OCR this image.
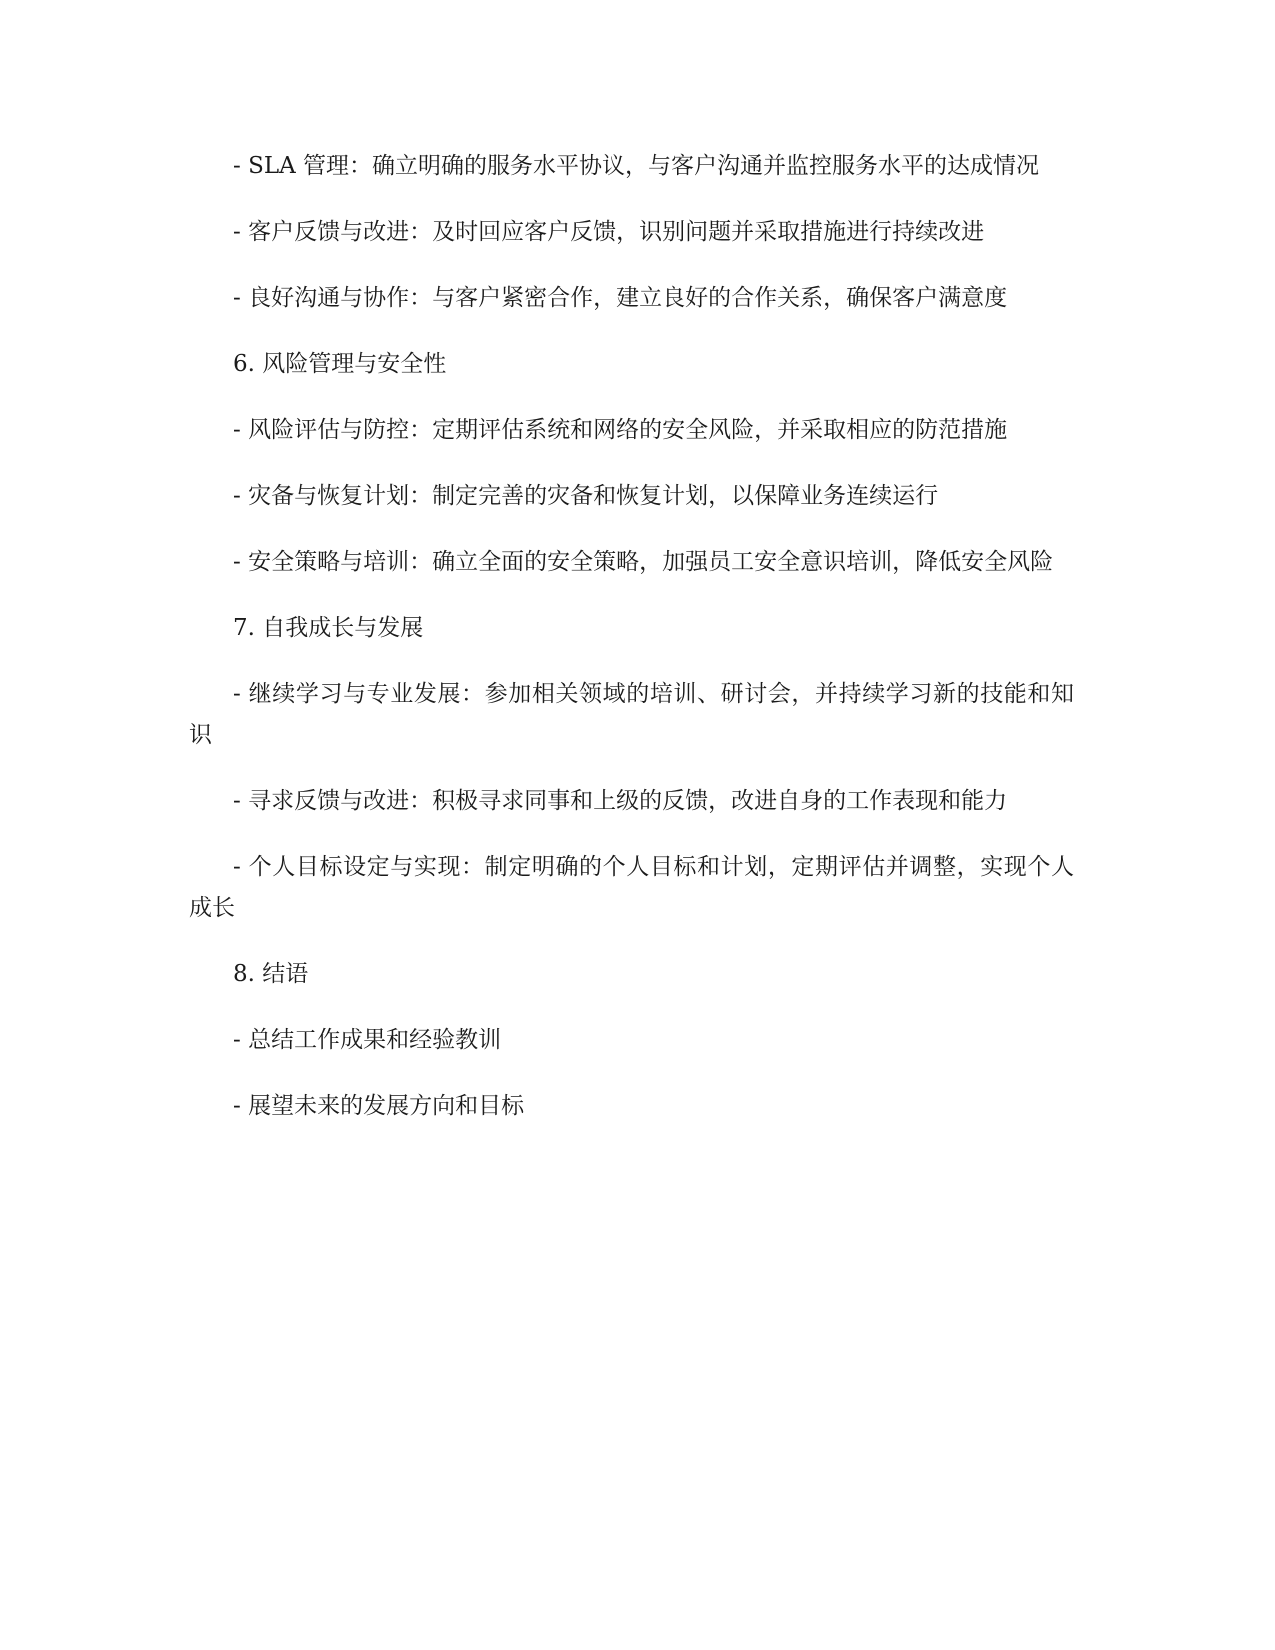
- SLA 管理：确立明确的服务水平协议，与客户沟通并监控服务水平的达成情况

- 客户反馈与改进：及时回应客户反馈，识别问题并采取措施进行持续改进

- 良好沟通与协作：与客户紧密合作，建立良好的合作关系，确保客户满意度

6. 风险管理与安全性

- 风险评估与防控：定期评估系统和网络的安全风险，并采取相应的防范措施

- 灾备与恢复计划：制定完善的灾备和恢复计划，以保障业务连续运行

- 安全策略与培训：确立全面的安全策略，加强员工安全意识培训，降低安全风险

7. 自我成长与发展

- 继续学习与专业发展：参加相关领域的培训、研讨会，并持续学习新的技能和知识

- 寻求反馈与改进：积极寻求同事和上级的反馈，改进自身的工作表现和能力

- 个人目标设定与实现：制定明确的个人目标和计划，定期评估并调整，实现个人成长

8. 结语

- 总结工作成果和经验教训

- 展望未来的发展方向和目标
